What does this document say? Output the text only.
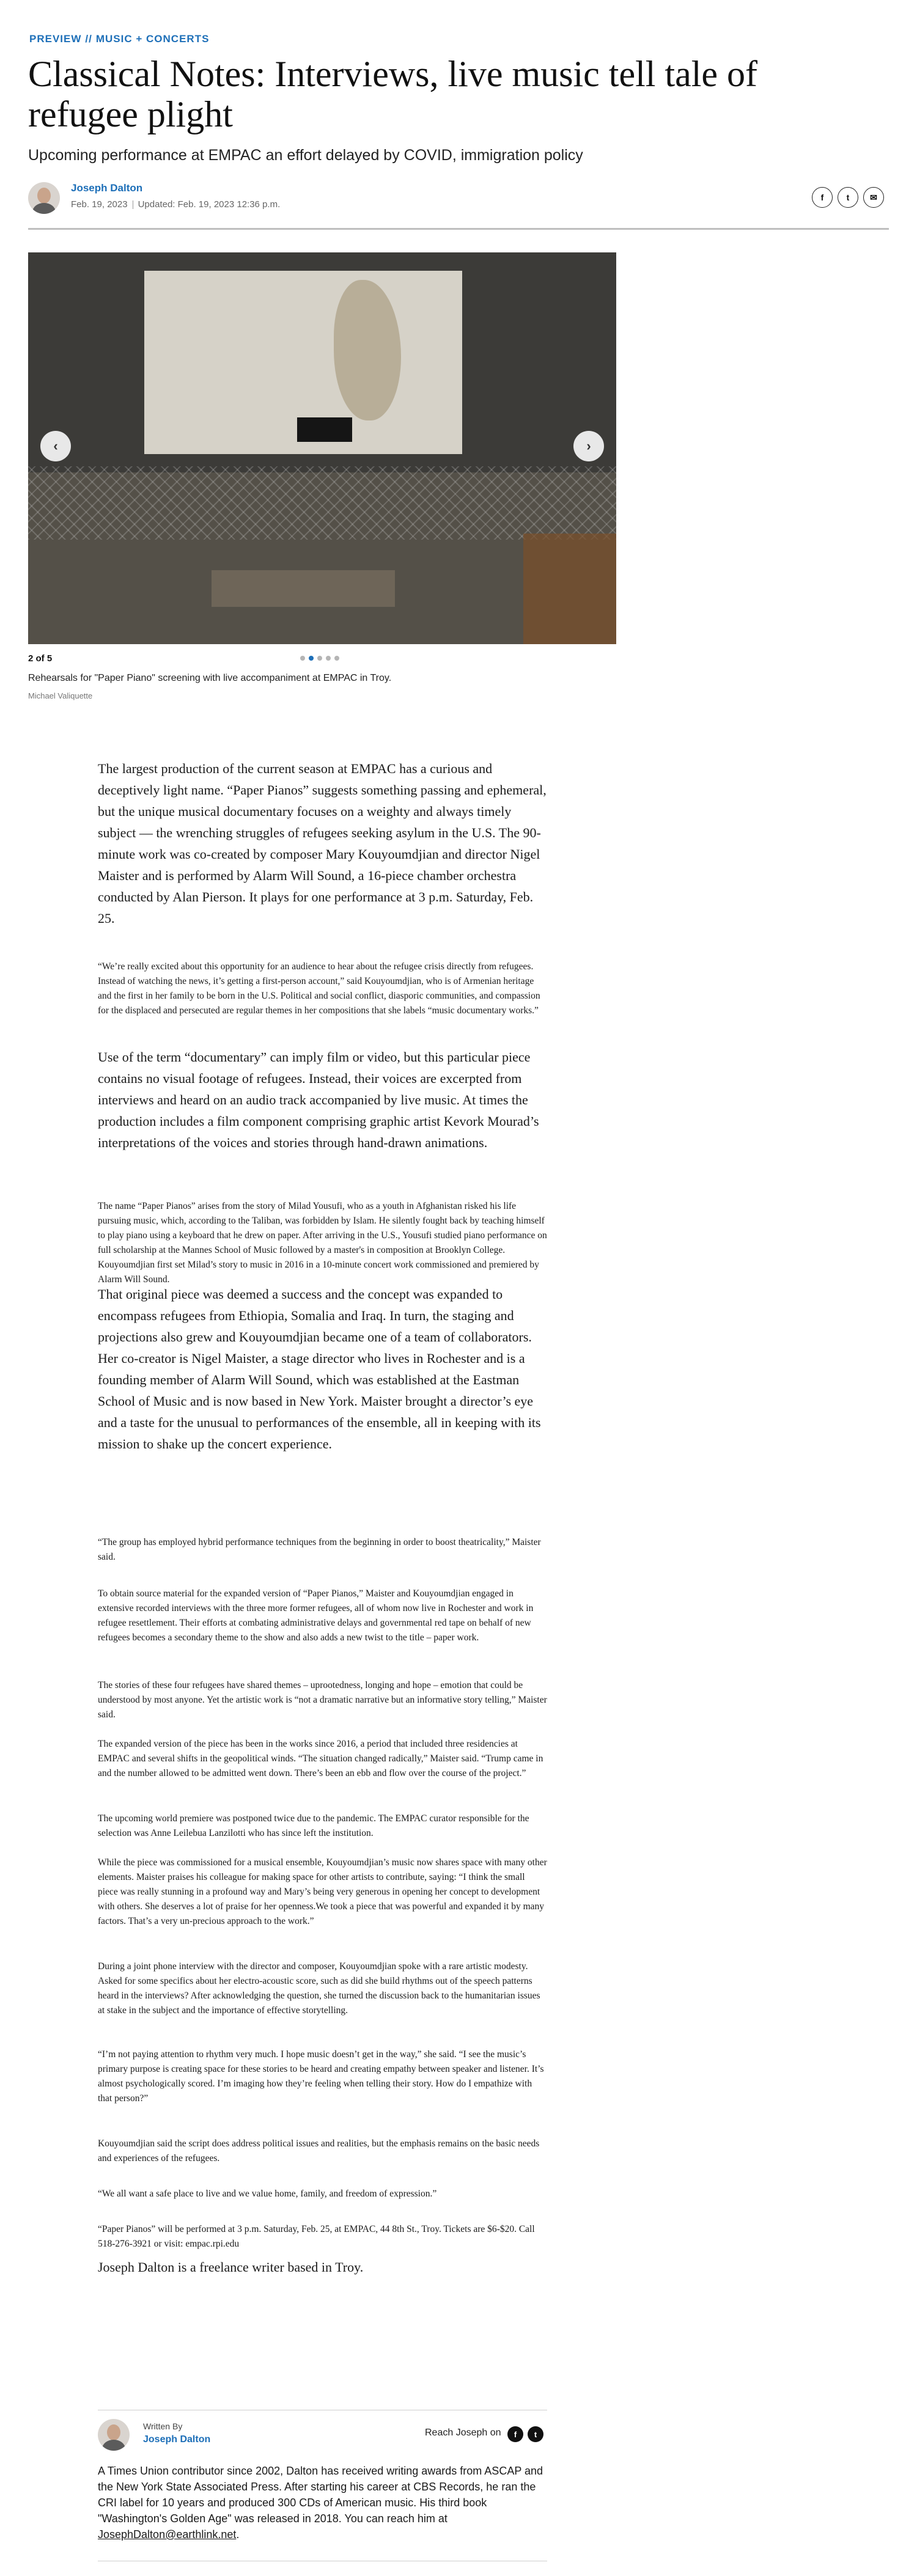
PREVIEW // MUSIC + CONCERTS
Classical Notes: Interviews, live music tell tale of refugee plight

Upcoming performance at EMPAC an effort delayed by COVID, immigration policy

Joseph Dalton
Feb. 19, 2023 Updated: Feb. 19, 2023 12:36 p.m.
f	t	✉
‹	›
2 of 5
Rehearsals for "Paper Piano" screening with live accompaniment at EMPAC in Troy.
Michael Valiquette

The largest production of the current season at EMPAC has a curious and deceptively light name. “Paper Pianos” suggests something passing and ephemeral, but the unique musical documentary focuses on a weighty and always timely subject — the wrenching struggles of refugees seeking asylum in the U.S. The 90-minute work was co-created by composer Mary Kouyoumdjian and director Nigel Maister and is performed by Alarm Will Sound, a 16-piece chamber orchestra conducted by Alan Pierson. It plays for one performance at 3 p.m. Saturday, Feb. 25.

“We’re really excited about this opportunity for an audience to hear about the refugee crisis directly from refugees. Instead of watching the news, it’s getting a first-person account,” said Kouyoumdjian, who is of Armenian heritage and the first in her family to be born in the U.S. Political and social conflict, diasporic communities, and compassion for the displaced and persecuted are regular themes in her compositions that she labels “music documentary works.”

Use of the term “documentary” can imply film or video, but this particular piece contains no visual footage of refugees. Instead, their voices are excerpted from interviews and heard on an audio track accompanied by live music. At times the production includes a film component comprising graphic artist Kevork Mourad’s interpretations of the voices and stories through hand-drawn animations.

The name “Paper Pianos” arises from the story of Milad Yousufi, who as a youth in Afghanistan risked his life pursuing music, which, according to the Taliban, was forbidden by Islam. He silently fought back by teaching himself to play piano using a keyboard that he drew on paper. After arriving in the U.S., Yousufi studied piano performance on full scholarship at the Mannes School of Music followed by a master's in composition at Brooklyn College. Kouyoumdjian first set Milad’s story to music in 2016 in a 10-minute concert work commissioned and premiered by Alarm Will Sound.

That original piece was deemed a success and the concept was expanded to encompass refugees from Ethiopia, Somalia and Iraq. In turn, the staging and projections also grew and Kouyoumdjian became one of a team of collaborators. Her co-creator is Nigel Maister, a stage director who lives in Rochester and is a founding member of Alarm Will Sound, which was established at the Eastman School of Music and is now based in New York. Maister brought a director’s eye and a taste for the unusual to performances of the ensemble, all in keeping with its mission to shake up the concert experience.

“The group has employed hybrid performance techniques from the beginning in order to boost theatricality,” Maister said.

To obtain source material for the expanded version of “Paper Pianos,” Maister and Kouyoumdjian engaged in extensive recorded interviews with the three more former refugees, all of whom now live in Rochester and work in refugee resettlement. Their efforts at combating administrative delays and governmental red tape on behalf of new refugees becomes a secondary theme to the show and also adds a new twist to the title – paper work.

The stories of these four refugees have shared themes – uprootedness, longing and hope – emotion that could be understood by most anyone. Yet the artistic work is “not a dramatic narrative but an informative story telling,” Maister said.

The expanded version of the piece has been in the works since 2016, a period that included three residencies at EMPAC and several shifts in the geopolitical winds. “The situation changed radically,” Maister said. “Trump came in and the number allowed to be admitted went down. There’s been an ebb and flow over the course of the project.”

The upcoming world premiere was postponed twice due to the pandemic. The EMPAC curator responsible for the selection was Anne Leilebua Lanzilotti who has since left the institution.

While the piece was commissioned for a musical ensemble, Kouyoumdjian’s music now shares space with many other elements. Maister praises his colleague for making space for other artists to contribute, saying: “I think the small piece was really stunning in a profound way and Mary’s being very generous in opening her concept to development with others. She deserves a lot of praise for her openness.We took a piece that was powerful and expanded it by many factors. That’s a very un-precious approach to the work.”

During a joint phone interview with the director and composer, Kouyoumdjian spoke with a rare artistic modesty. Asked for some specifics about her electro-acoustic score, such as did she build rhythms out of the speech patterns heard in the interviews? After acknowledging the question, she turned the discussion back to the humanitarian issues at stake in the subject and the importance of effective storytelling.

“I’m not paying attention to rhythm very much. I hope music doesn’t get in the way,” she said. “I see the music’s primary purpose is creating space for these stories to be heard and creating empathy between speaker and listener. It’s almost psychologically scored. I’m imaging how they’re feeling when telling their story. How do I empathize with that person?”

Kouyoumdjian said the script does address political issues and realities, but the emphasis remains on the basic needs and experiences of the refugees.

“We all want a safe place to live and we value home, family, and freedom of expression.”

“Paper Pianos” will be performed at 3 p.m. Saturday, Feb. 25, at EMPAC, 44 8th St., Troy. Tickets are $6-$20. Call 518-276-3921 or visit: empac.rpi.edu

Joseph Dalton is a freelance writer based in Troy.

Written By
Joseph Dalton
Reach Joseph on	f	t

A Times Union contributor since 2002, Dalton has received writing awards from ASCAP and the New York State Associated Press. After starting his career at CBS Records, he ran the CRI label for 10 years and produced 300 CDs of American music. His third book "Washington's Golden Age" was released in 2018. You can reach him at JosephDalton@earthlink.net.
